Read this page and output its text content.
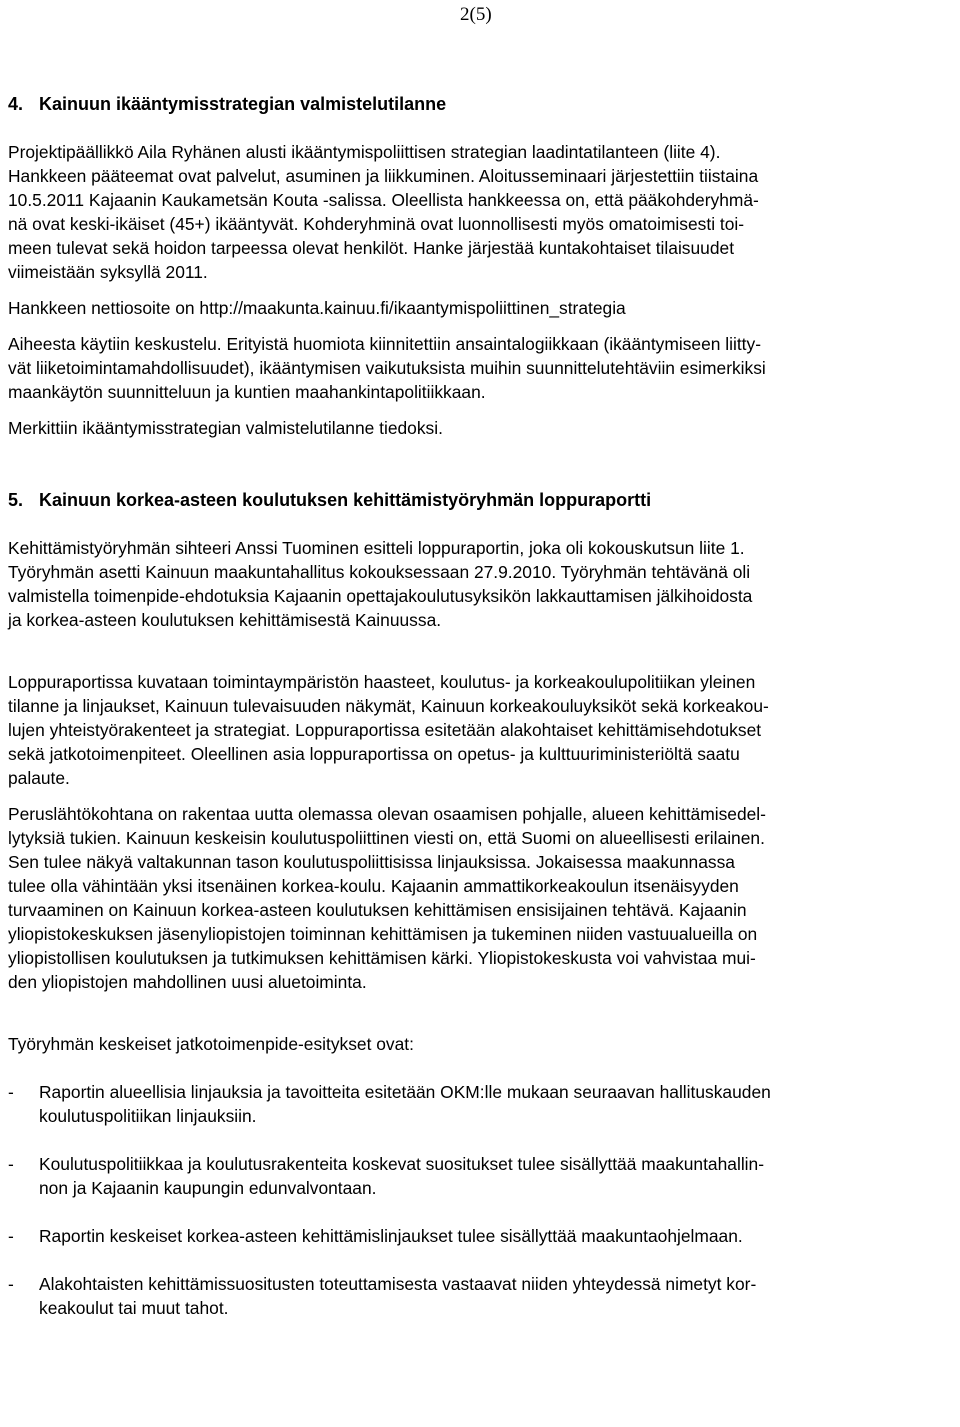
2(5)
4. Kainuun ikääntymisstrategian valmistelutilanne

Projektipäällikkö Aila Ryhänen alusti ikääntymispoliittisen strategian laadintatilanteen (liite 4).
Hankkeen pääteemat ovat palvelut, asuminen ja liikkuminen. Aloitusseminaari järjestettiin tiistaina
10.5.2011 Kajaanin Kaukametsän Kouta -salissa. Oleellista hankkeessa on, että pääkohderyhmä-
nä ovat keski-ikäiset (45+) ikääntyvät. Kohderyhminä ovat luonnollisesti myös omatoimisesti toi-
meen tulevat sekä hoidon tarpeessa olevat henkilöt. Hanke järjestää kuntakohtaiset tilaisuudet
viimeistään syksyllä 2011.

Hankkeen nettiosoite on http://maakunta.kainuu.fi/ikaantymispoliittinen_strategia

Aiheesta käytiin keskustelu. Erityistä huomiota kiinnitettiin ansaintalogiikkaan (ikääntymiseen liitty-
vät liiketoimintamahdollisuudet), ikääntymisen vaikutuksista muihin suunnittelutehtäviin esimerkiksi
maankäytön suunnitteluun ja kuntien maahankintapolitiikkaan.

Merkittiin ikääntymisstrategian valmistelutilanne tiedoksi.

5. Kainuun korkea-asteen koulutuksen kehittämistyöryhmän loppuraportti

Kehittämistyöryhmän sihteeri Anssi Tuominen esitteli loppuraportin, joka oli kokouskutsun liite 1.
Työryhmän asetti Kainuun maakuntahallitus kokouksessaan 27.9.2010. Työryhmän tehtävänä oli
valmistella toimenpide-ehdotuksia Kajaanin opettajakoulutusyksikön lakkauttamisen jälkihoidosta
ja korkea-asteen koulutuksen kehittämisestä Kainuussa.

Loppuraportissa kuvataan toimintaympäristön haasteet, koulutus- ja korkeakoulupolitiikan yleinen
tilanne ja linjaukset, Kainuun tulevaisuuden näkymät, Kainuun korkeakouluyksiköt sekä korkeakou-
lujen yhteistyörakenteet ja strategiat. Loppuraportissa esitetään alakohtaiset kehittämisehdotukset
sekä jatkotoimenpiteet. Oleellinen asia loppuraportissa on opetus- ja kulttuuriministeriöltä saatu
palaute.

Peruslähtökohtana on rakentaa uutta olemassa olevan osaamisen pohjalle, alueen kehittämisedel-
lytyksiä tukien. Kainuun keskeisin koulutuspoliittinen viesti on, että Suomi on alueellisesti erilainen.
Sen tulee näkyä valtakunnan tason koulutuspoliittisissa linjauksissa. Jokaisessa maakunnassa
tulee olla vähintään yksi itsenäinen korkea-koulu. Kajaanin ammattikorkeakoulun itsenäisyyden
turvaaminen on Kainuun korkea-asteen koulutuksen kehittämisen ensisijainen tehtävä. Kajaanin
yliopistokeskuksen jäsenyliopistojen toiminnan kehittämisen ja tukeminen niiden vastuualueilla on
yliopistollisen koulutuksen ja tutkimuksen kehittämisen kärki. Yliopistokeskusta voi vahvistaa mui-
den yliopistojen mahdollinen uusi aluetoiminta.

Työryhmän keskeiset jatkotoimenpide-esitykset ovat:

-	Raportin alueellisia linjauksia ja tavoitteita esitetään OKM:lle mukaan seuraavan hallituskauden
koulutuspolitiikan linjauksiin.
-	Koulutuspolitiikkaa ja koulutusrakenteita koskevat suositukset tulee sisällyttää maakuntahallin-
non ja Kajaanin kaupungin edunvalvontaan.
-	Raportin keskeiset korkea-asteen kehittämislinjaukset tulee sisällyttää maakuntaohjelmaan.
-	Alakohtaisten kehittämissuositusten toteuttamisesta vastaavat niiden yhteydessä nimetyt kor-
keakoulut tai muut tahot.
